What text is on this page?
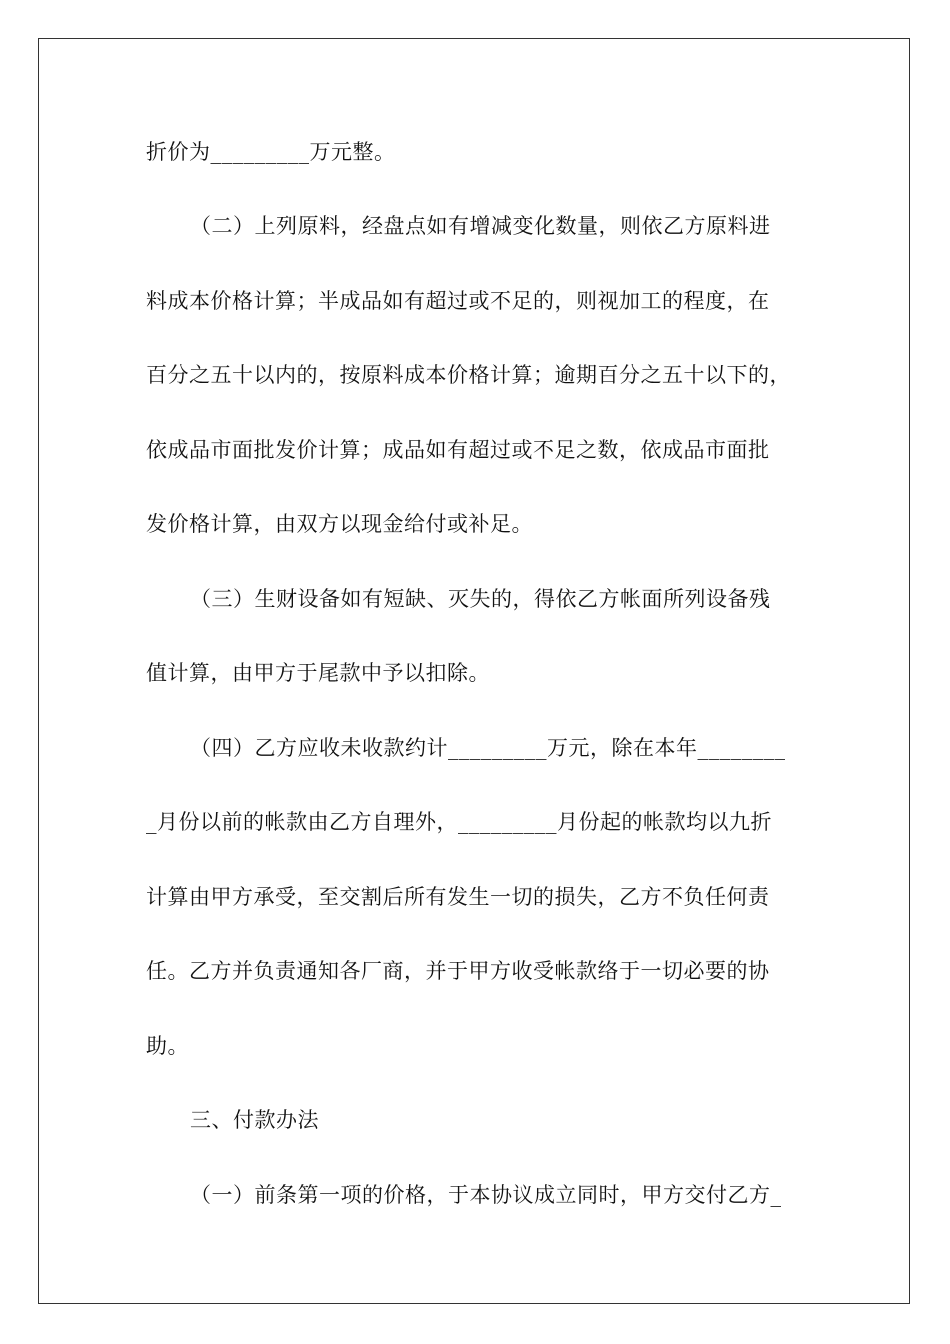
折价为_________万元整。
（二）上列原料，经盘点如有增减变化数量，则依乙方原料进
料成本价格计算；半成品如有超过或不足的，则视加工的程度，在
百分之五十以内的，按原料成本价格计算；逾期百分之五十以下的，
依成品市面批发价计算；成品如有超过或不足之数，依成品市面批
发价格计算，由双方以现金给付或补足。
（三）生财设备如有短缺、灭失的，得依乙方帐面所列设备残
值计算，由甲方于尾款中予以扣除。
（四）乙方应收未收款约计_________万元，除在本年________
_月份以前的帐款由乙方自理外，_________月份起的帐款均以九折
计算由甲方承受，至交割后所有发生一切的损失，乙方不负任何责
任。乙方并负责通知各厂商，并于甲方收受帐款络于一切必要的协
助。
三、付款办法
（一）前条第一项的价格，于本协议成立同时，甲方交付乙方_
